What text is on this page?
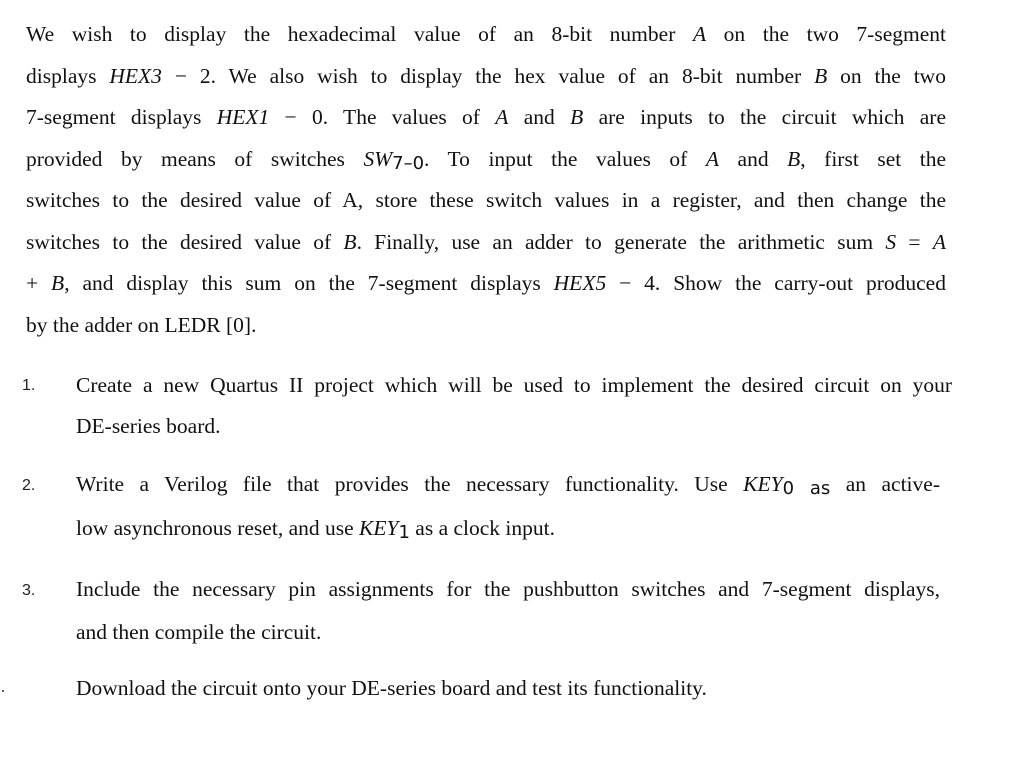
We wish to display the hexadecimal value of an 8-bit number A on the two 7-segment
displays HEX3 − 2. We also wish to display the hex value of an 8-bit number B on the two
7-segment displays HEX1 − 0. The values of A and B are inputs to the circuit which are
provided by means of switches SW7–0. To input the values of A and B, first set the
switches to the desired value of A, store these switch values in a register, and then change the
switches to the desired value of B. Finally, use an adder to generate the arithmetic sum S = A
+ B, and display this sum on the 7-segment displays HEX5 − 4. Show the carry-out produced
by the adder on LEDR [0].
1.	Create a new Quartus II project which will be used to implement the desired circuit on your
DE-series board.
2.	Write a Verilog file that provides the necessary functionality. Use KEY0 as an active-
low asynchronous reset, and use KEY1 as a clock input.
3.	Include the necessary pin assignments for the pushbutton switches and 7-segment displays,
and then compile the circuit.
Download the circuit onto your DE-series board and test its functionality.
